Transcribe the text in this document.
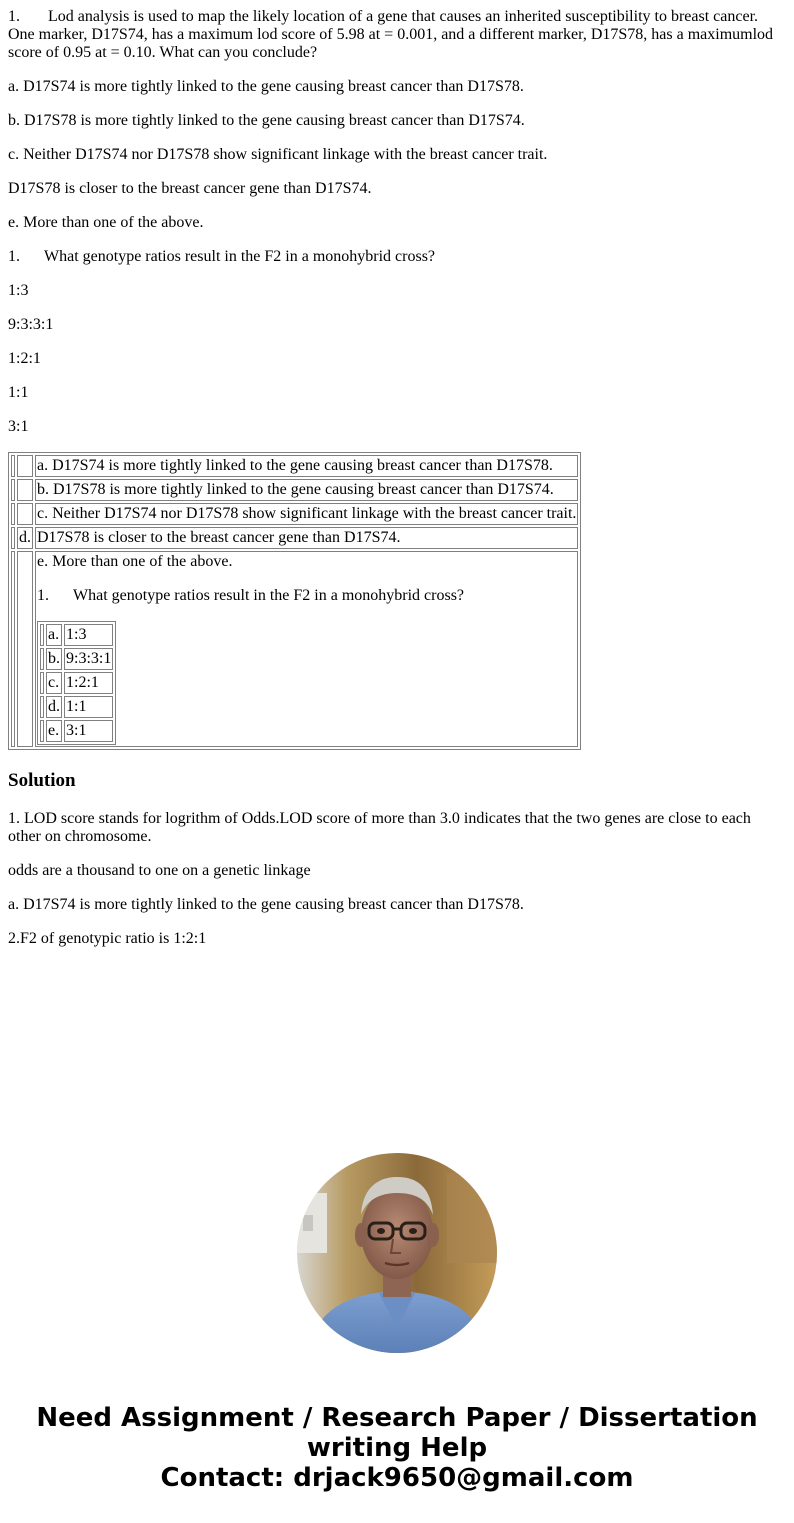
1. Lod analysis is used to map the likely location of a gene that causes an inherited susceptibility to breast cancer. One marker, D17S74, has a maximum lod score of 5.98 at = 0.001, and a different marker, D17S78, has a maximumlod score of 0.95 at = 0.10. What can you conclude?

a. D17S74 is more tightly linked to the gene causing breast cancer than D17S78.

b. D17S78 is more tightly linked to the gene causing breast cancer than D17S74.

c. Neither D17S74 nor D17S78 show significant linkage with the breast cancer trait.

D17S78 is closer to the breast cancer gene than D17S74.

e. More than one of the above.

1. What genotype ratios result in the F2 in a monohybrid cross?

1:3

9:3:3:1

1:2:1

1:1

3:1

		a. D17S74 is more tightly linked to the gene causing breast cancer than D17S78.
		b. D17S78 is more tightly linked to the gene causing breast cancer than D17S74.
		c. Neither D17S74 nor D17S78 show significant linkage with the breast cancer trait.
	d.	D17S78 is closer to the breast cancer gene than D17S74.

e. More than one of the above.
1. What genotype ratios result in the F2 in a monohybrid cross?
	a.	1:3
	b.	9:3:3:1
	c.	1:2:1
	d.	1:1
	e.	3:1
Solution

1. LOD score stands for logrithm of Odds.LOD score of more than 3.0 indicates that the two genes are close to each other on chromosome.

odds are a thousand to one on a genetic linkage

a. D17S74 is more tightly linked to the gene causing breast cancer than D17S78.

2.F2 of genotypic ratio is 1:2:1

Need Assignment / Research Paper / Dissertation
writing Help
Contact: drjack9650@gmail.com
